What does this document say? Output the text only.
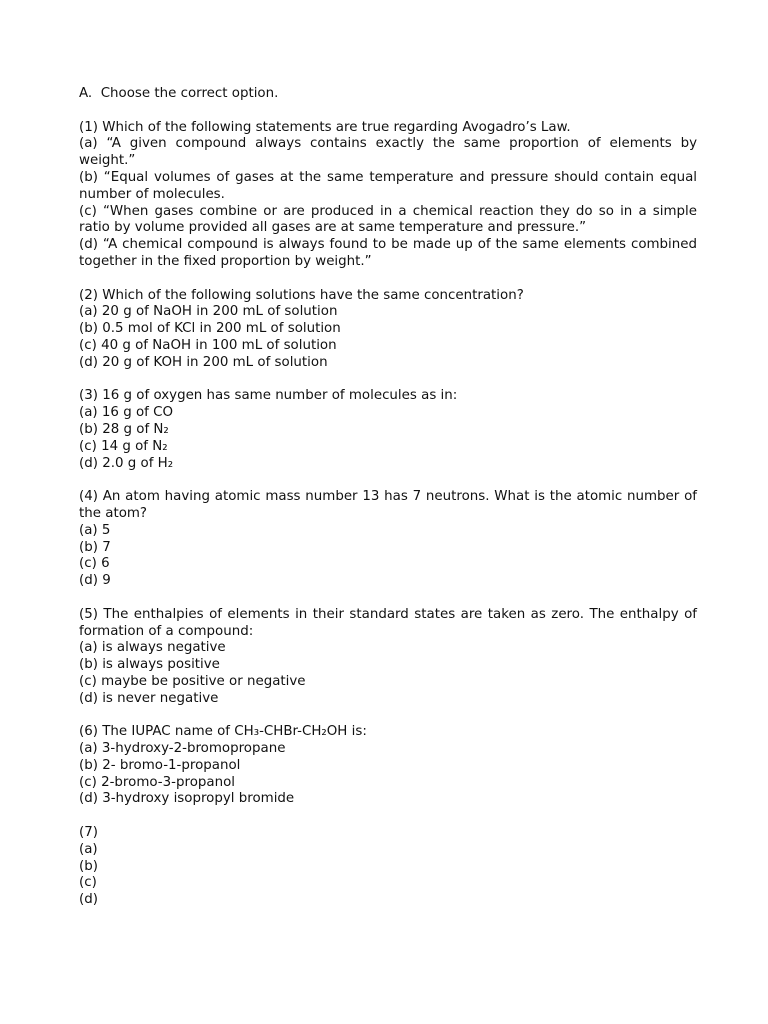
A.  Choose the correct option.
(1) Which of the following statements are true regarding Avogadro’s Law.
(a) “A given compound always contains exactly the same proportion of elements by weight.”
(b) “Equal volumes of gases at the same temperature and pressure should contain equal number of molecules.
(c) “When gases combine or are produced in a chemical reaction they do so in a simple ratio by volume provided all gases are at same temperature and pressure.”
(d) “A chemical compound is always found to be made up of the same elements combined together in the fixed proportion by weight.”
(2) Which of the following solutions have the same concentration?
(a) 20 g of NaOH in 200 mL of solution
(b) 0.5 mol of KCl in 200 mL of solution
(c) 40 g of NaOH in 100 mL of solution
(d) 20 g of KOH in 200 mL of solution
(3) 16 g of oxygen has same number of molecules as in:
(a) 16 g of CO
(b) 28 g of N₂
(c) 14 g of N₂
(d) 2.0 g of H₂
(4) An atom having atomic mass number 13 has 7 neutrons. What is the atomic number of the atom?
(a) 5
(b) 7
(c) 6
(d) 9
(5) The enthalpies of elements in their standard states are taken as zero. The enthalpy of formation of a compound:
(a) is always negative
(b) is always positive
(c) maybe be positive or negative
(d) is never negative
(6) The IUPAC name of CH₃-CHBr-CH₂OH is:
(a) 3-hydroxy-2-bromopropane
(b) 2- bromo-1-propanol
(c) 2-bromo-3-propanol
(d) 3-hydroxy isopropyl bromide
(7)
(a)
(b)
(c)
(d)
